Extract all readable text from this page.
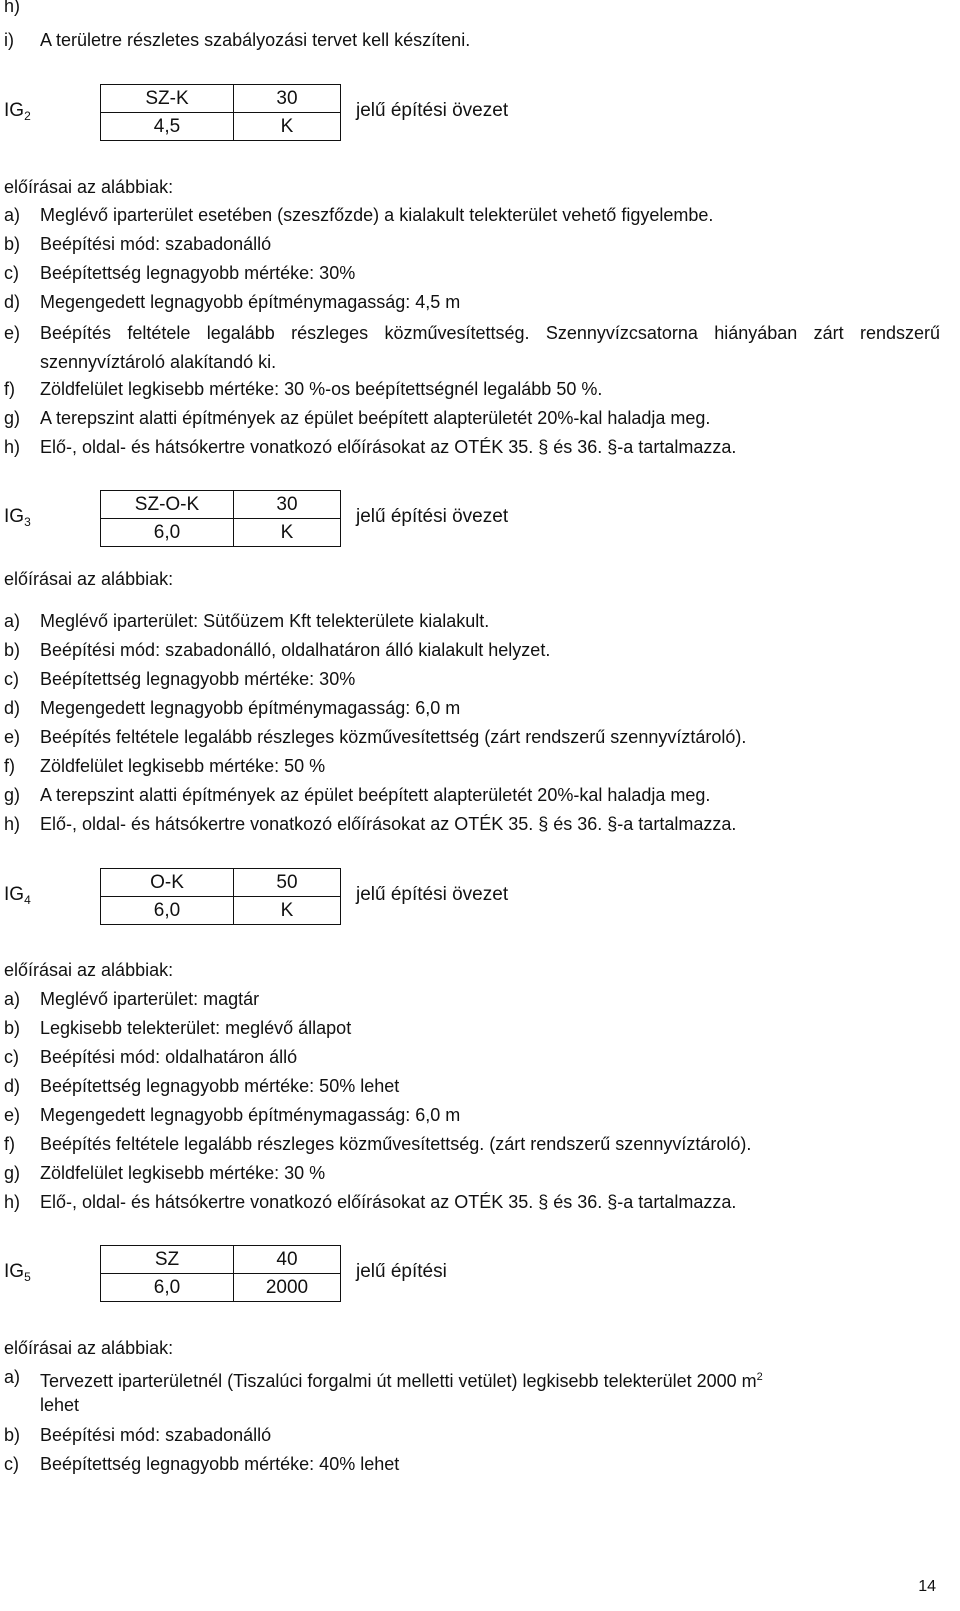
h)
i)	A területre részletes szabályozási tervet kell készíteni.
$IG_2$
SZ-K	30
4,5	K
jelű építési övezet
előírásai az alábbiak:
a)	Meglévő iparterület esetében (szeszfőzde) a kialakult telekterület vehető figyelembe.
b)	Beépítési mód: szabadonálló
c)	Beépítettség legnagyobb mértéke: 30%
d)	Megengedett legnagyobb építménymagasság: 4,5 m
e)	Beépítés feltétele legalább részleges közművesítettség. Szennyvízcsatorna hiányában zárt rendszerű szennyvíztároló alakítandó ki.
f)	Zöldfelület legkisebb mértéke: 30 %-os beépítettségnél legalább 50 %.
g)	A terepszint alatti építmények az épület beépített alapterületét 20%-kal haladja meg.
h)	Elő-, oldal- és hátsókertre vonatkozó előírásokat az OTÉK 35. § és 36. §-a tartalmazza.
$IG_3$
SZ-O-K	30
6,0	K
jelű építési övezet
előírásai az alábbiak:
a)	Meglévő iparterület: Sütőüzem Kft telekterülete kialakult.
b)	Beépítési mód: szabadonálló, oldalhatáron álló kialakult helyzet.
c)	Beépítettség legnagyobb mértéke: 30%
d)	Megengedett legnagyobb építménymagasság: 6,0 m
e)	Beépítés feltétele legalább részleges közművesítettség (zárt rendszerű szennyvíztároló).
f)	Zöldfelület legkisebb mértéke: 50 %
g)	A terepszint alatti építmények az épület beépített alapterületét 20%-kal haladja meg.
h)	Elő-, oldal- és hátsókertre vonatkozó előírásokat az OTÉK 35. § és 36. §-a tartalmazza.
$IG_4$
O-K	50
6,0	K
jelű építési övezet
előírásai az alábbiak:
a)	Meglévő iparterület: magtár
b)	Legkisebb telekterület: meglévő állapot
c)	Beépítési mód: oldalhatáron álló
d)	Beépítettség legnagyobb mértéke: 50% lehet
e)	Megengedett legnagyobb építménymagasság: 6,0 m
f)	Beépítés feltétele legalább részleges közművesítettség. (zárt rendszerű szennyvíztároló).
g)	Zöldfelület legkisebb mértéke: 30 %
h)	Elő-, oldal- és hátsókertre vonatkozó előírásokat az OTÉK 35. § és 36. §-a tartalmazza.
$IG_5$
SZ	40
6,0	2000
jelű építési
előírásai az alábbiak:
a)	Tervezett iparterületnél (Tiszalúci forgalmi út melletti vetület) legkisebb telekterület 2000 $m^2$
lehet
b)	Beépítési mód: szabadonálló
c)	Beépítettség legnagyobb mértéke: 40% lehet
14
